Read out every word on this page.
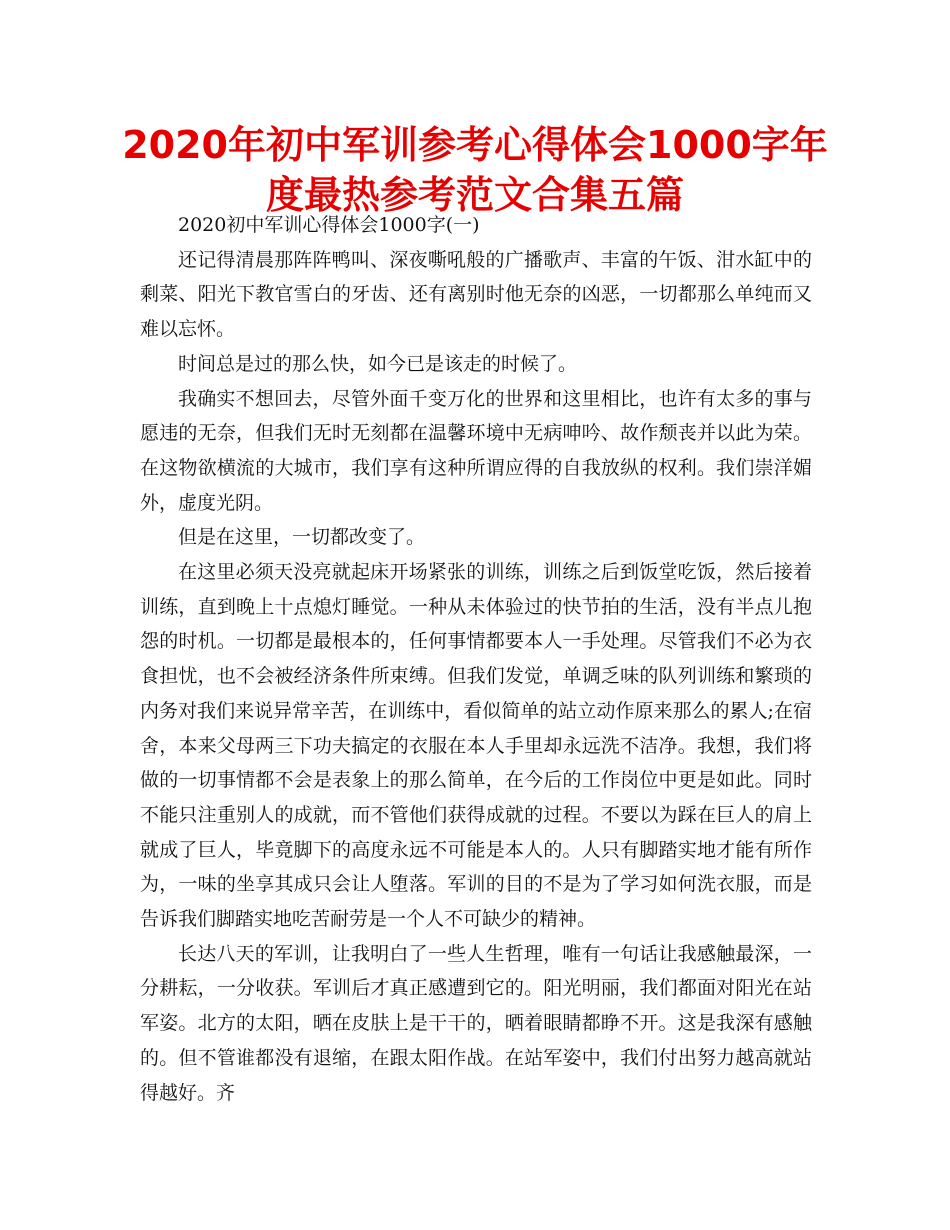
2020年初中军训参考心得体会1000字年度最热参考范文合集五篇

2020初中军训心得体会1000字(一)

还记得清晨那阵阵鸭叫、深夜嘶吼般的广播歌声、丰富的午饭、泔水缸中的剩菜、阳光下教官雪白的牙齿、还有离别时他无奈的凶恶，一切都那么单纯而又难以忘怀。

时间总是过的那么快，如今已是该走的时候了。

我确实不想回去，尽管外面千变万化的世界和这里相比，也许有太多的事与愿违的无奈，但我们无时无刻都在温馨环境中无病呻吟、故作颓丧并以此为荣。在这物欲横流的大城市，我们享有这种所谓应得的自我放纵的权利。我们崇洋媚外，虚度光阴。

但是在这里，一切都改变了。

在这里必须天没亮就起床开场紧张的训练，训练之后到饭堂吃饭，然后接着训练，直到晚上十点熄灯睡觉。一种从未体验过的快节拍的生活，没有半点儿抱怨的时机。一切都是最根本的，任何事情都要本人一手处理。尽管我们不必为衣食担忧，也不会被经济条件所束缚。但我们发觉，单调乏味的队列训练和繁琐的内务对我们来说异常辛苦，在训练中，看似简单的站立动作原来那么的累人;在宿舍，本来父母两三下功夫搞定的衣服在本人手里却永远洗不洁净。我想，我们将做的一切事情都不会是表象上的那么简单，在今后的工作岗位中更是如此。同时不能只注重别人的成就，而不管他们获得成就的过程。不要以为踩在巨人的肩上就成了巨人，毕竟脚下的高度永远不可能是本人的。人只有脚踏实地才能有所作为，一味的坐享其成只会让人堕落。军训的目的不是为了学习如何洗衣服，而是告诉我们脚踏实地吃苦耐劳是一个人不可缺少的精神。

长达八天的军训，让我明白了一些人生哲理，唯有一句话让我感触最深，一分耕耘，一分收获。军训后才真正感遭到它的。阳光明丽，我们都面对阳光在站军姿。北方的太阳，晒在皮肤上是干干的，晒着眼睛都睁不开。这是我深有感触的。但不管谁都没有退缩，在跟太阳作战。在站军姿中，我们付出努力越高就站得越好。齐
